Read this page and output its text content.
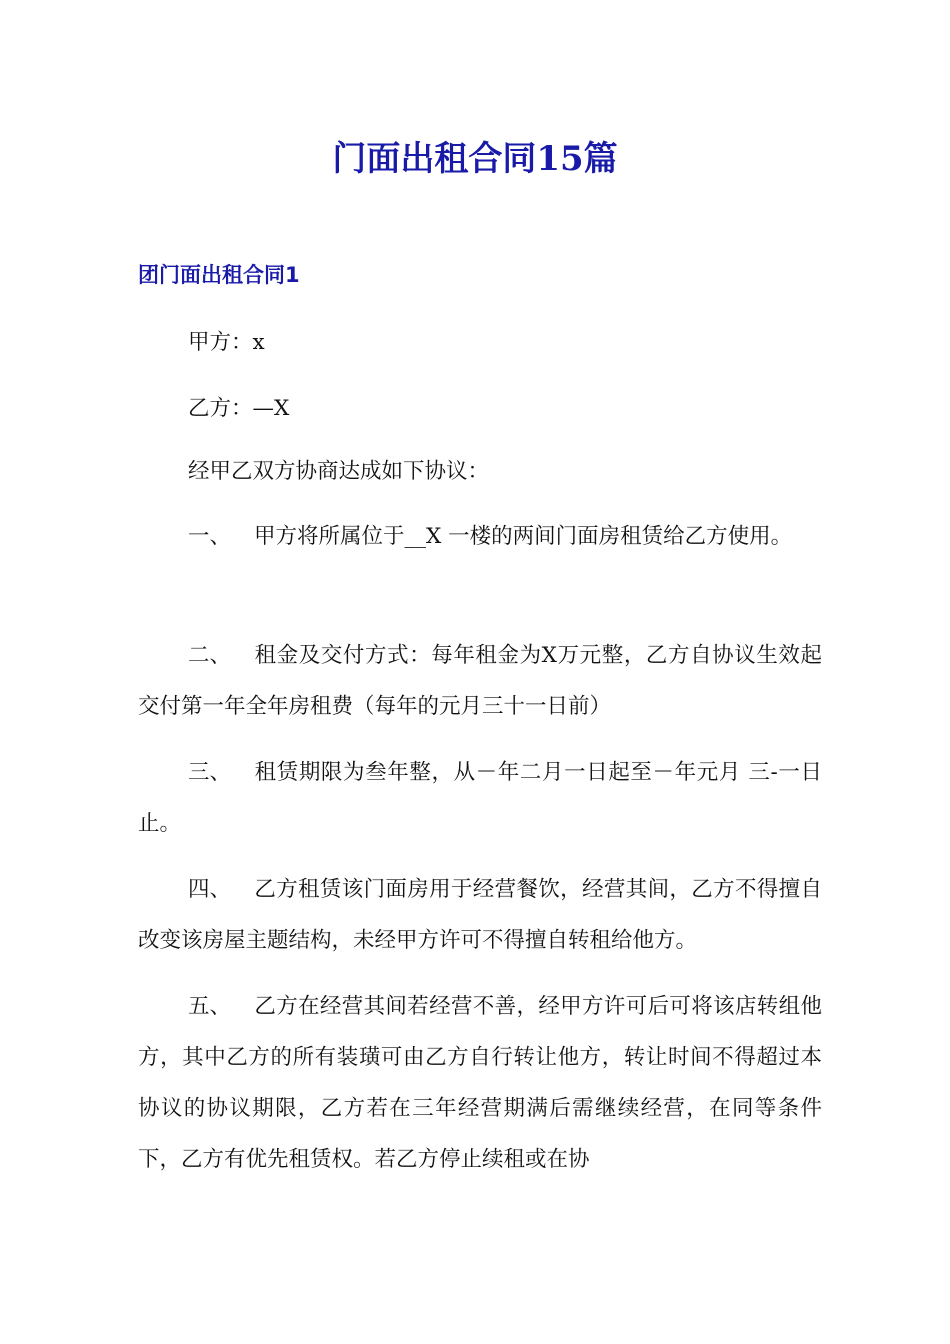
门面出租合同15篇
团门面出租合同1

甲方：x

乙方：—X

经甲乙双方协商达成如下协议：

一、 甲方将所属位于__X 一楼的两间门面房租赁给乙方使用。

二、 租金及交付方式：每年租金为X万元整，乙方自协议生效起交付第一年全年房租费（每年的元月三十一日前）

三、 租赁期限为叁年整，从－年二月一日起至－年元月 三-一日止。

四、 乙方租赁该门面房用于经营餐饮，经营其间，乙方不得擅自改变该房屋主题结构，未经甲方许可不得擅自转租给他方。

五、 乙方在经营其间若经营不善，经甲方许可后可将该店转组他方，其中乙方的所有装璜可由乙方自行转让他方，转让时间不得超过本协议的协议期限，乙方若在三年经营期满后需继续经营，在同等条件下，乙方有优先租赁权。若乙方停止续租或在协
